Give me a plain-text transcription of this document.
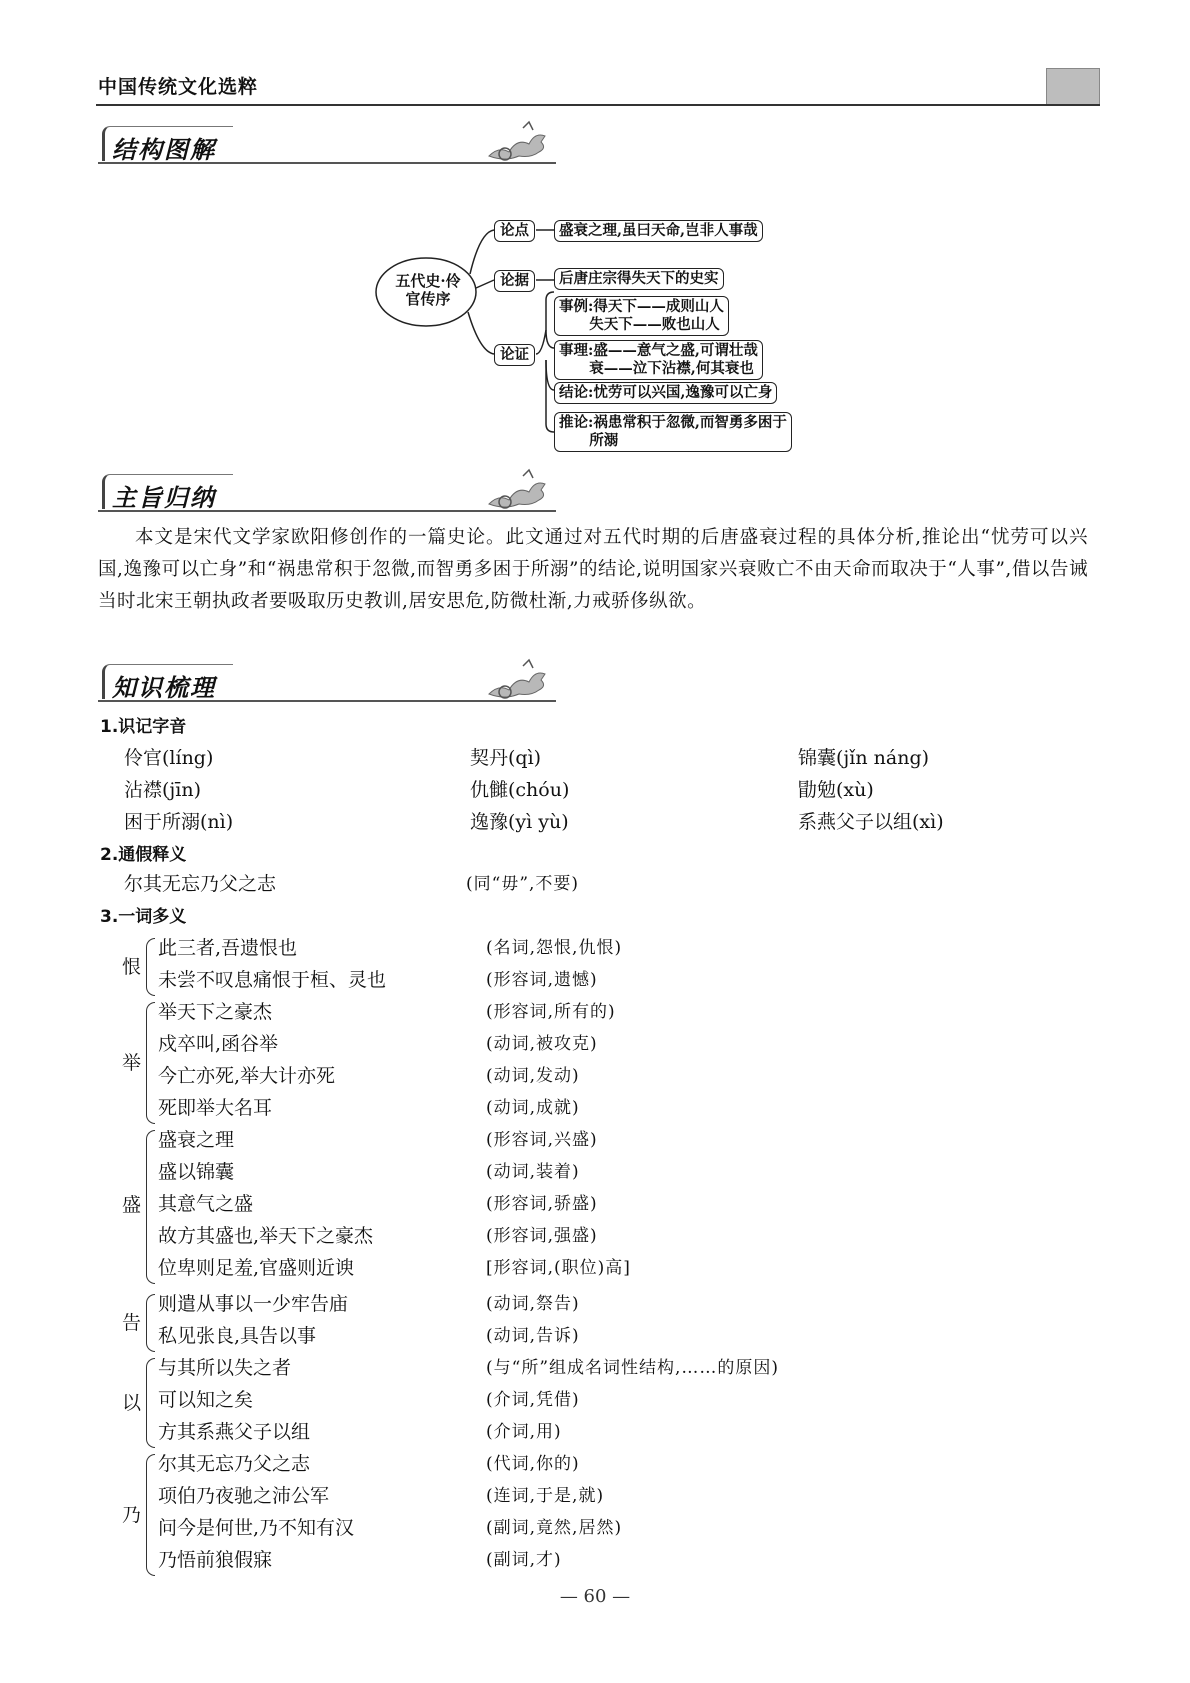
中国传统文化选粹
结构图解
五代史·伶
官传序
论点
论据
论证
盛衰之理,虽曰天命,岂非人事哉
后唐庄宗得失天下的史实
事例:得天下——成则山人
失天下——败也山人
事理:盛——意气之盛,可谓壮哉
衰——泣下沾襟,何其衰也
结论:忧劳可以兴国,逸豫可以亡身
推论:祸患常积于忽微,而智勇多困于
所溺
主旨归纳
本文是宋代文学家欧阳修创作的一篇史论。此文通过对五代时期的后唐盛衰过程的具体分析,推论出“忧劳可以兴国,逸豫可以亡身”和“祸患常积于忽微,而智勇多困于所溺”的结论,说明国家兴衰败亡不由天命而取决于“人事”,借以告诫当时北宋王朝执政者要吸取历史教训,居安思危,防微杜渐,力戒骄侈纵欲。
知识梳理
1.识记字音
伶官(líng)	契丹(qì)	锦囊(jǐn náng)
沾襟(jīn)	仇雠(chóu)	勖勉(xù)
困于所溺(nì)	逸豫(yì yù)	系燕父子以组(xì)
2.通假释义
尔其无忘乃父之志	(同“毋”,不要)
3.一词多义
恨
此三者,吾遗恨也	(名词,怨恨,仇恨)
未尝不叹息痛恨于桓、灵也	(形容词,遗憾)
举
举天下之豪杰	(形容词,所有的)
戍卒叫,函谷举	(动词,被攻克)
今亡亦死,举大计亦死	(动词,发动)
死即举大名耳	(动词,成就)
盛
盛衰之理	(形容词,兴盛)
盛以锦囊	(动词,装着)
其意气之盛	(形容词,骄盛)
故方其盛也,举天下之豪杰	(形容词,强盛)
位卑则足羞,官盛则近谀	[形容词,(职位)高]
告
则遣从事以一少牢告庙	(动词,祭告)
私见张良,具告以事	(动词,告诉)
以
与其所以失之者	(与“所”组成名词性结构,……的原因)
可以知之矣	(介词,凭借)
方其系燕父子以组	(介词,用)
乃
尔其无忘乃父之志	(代词,你的)
项伯乃夜驰之沛公军	(连词,于是,就)
问今是何世,乃不知有汉	(副词,竟然,居然)
乃悟前狼假寐	(副词,才)
— 60 —
